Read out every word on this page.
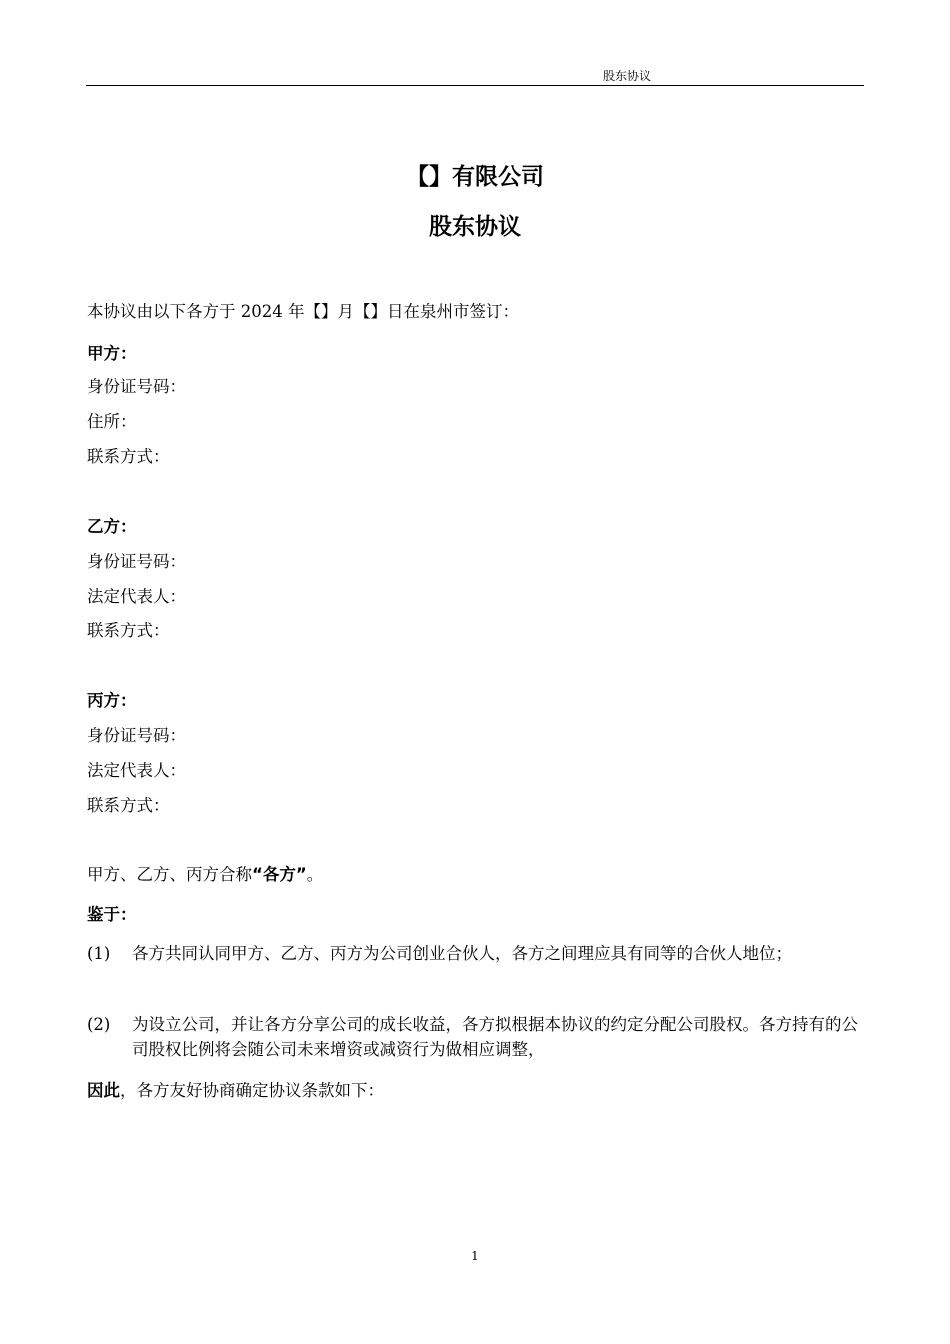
股东协议
【】有限公司
股东协议
本协议由以下各方于 2024 年【】月【】日在泉州市签订：
甲方：
身份证号码：
住所：
联系方式：
乙方：
身份证号码：
法定代表人：
联系方式：
丙方：
身份证号码：
法定代表人：
联系方式：
甲方、乙方、丙方合称“各方”。
鉴于：
(1) 各方共同认同甲方、乙方、丙方为公司创业合伙人，各方之间理应具有同等的合伙人地位；
(2) 为设立公司，并让各方分享公司的成长收益，各方拟根据本协议的约定分配公司股权。各方持有的公司股权比例将会随公司未来增资或减资行为做相应调整，
因此，各方友好协商确定协议条款如下：
1
